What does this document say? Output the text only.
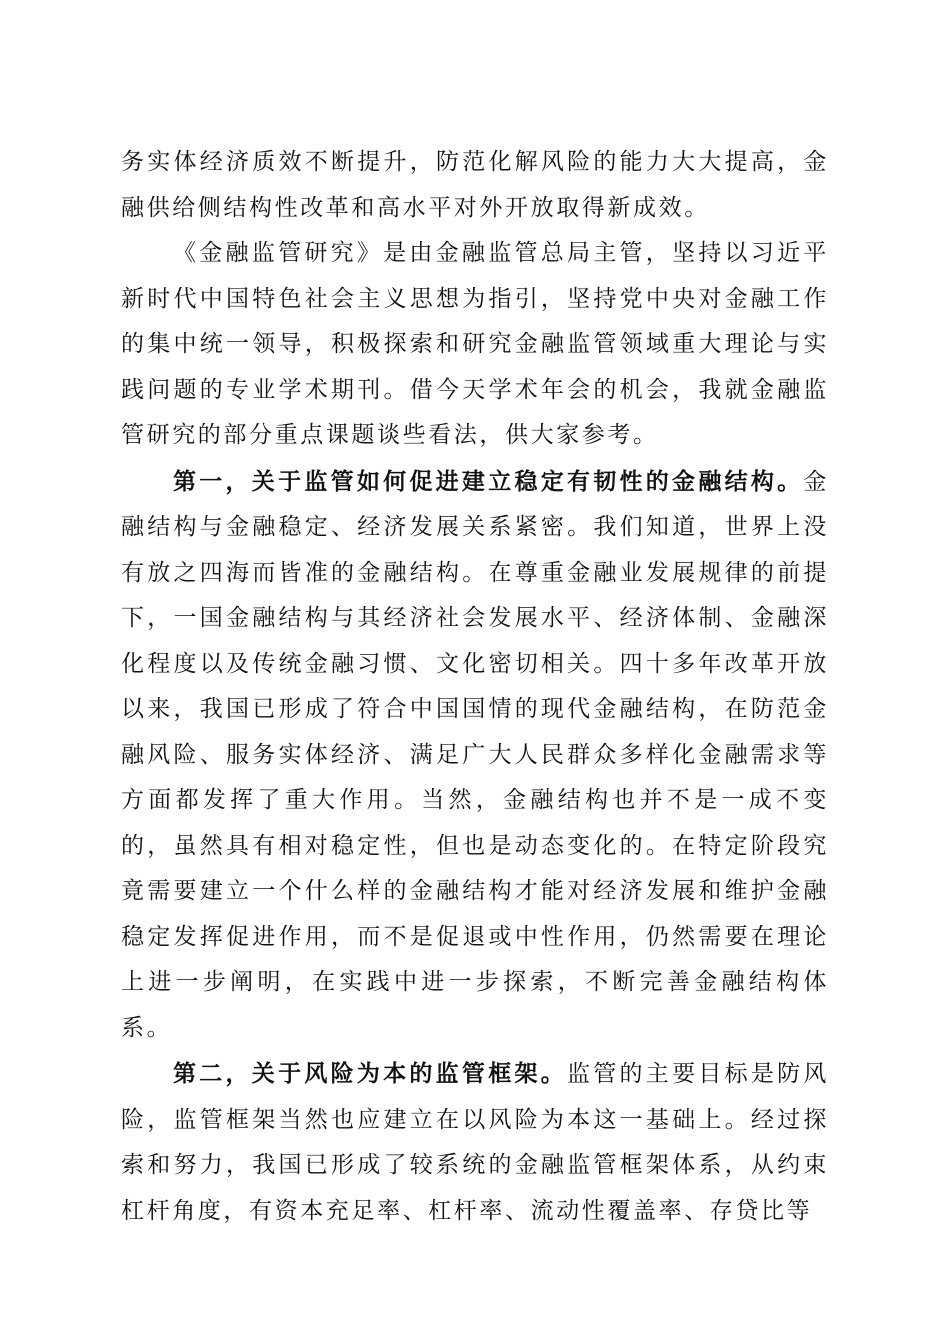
务实体经济质效不断提升，防范化解风险的能力大大提高，金融供给侧结构性改革和高水平对外开放取得新成效。

《金融监管研究》是由金融监管总局主管，坚持以习近平新时代中国特色社会主义思想为指引，坚持党中央对金融工作的集中统一领导，积极探索和研究金融监管领域重大理论与实践问题的专业学术期刊。借今天学术年会的机会，我就金融监管研究的部分重点课题谈些看法，供大家参考。

第一，关于监管如何促进建立稳定有韧性的金融结构。金融结构与金融稳定、经济发展关系紧密。我们知道，世界上没有放之四海而皆准的金融结构。在尊重金融业发展规律的前提下，一国金融结构与其经济社会发展水平、经济体制、金融深化程度以及传统金融习惯、文化密切相关。四十多年改革开放以来，我国已形成了符合中国国情的现代金融结构，在防范金融风险、服务实体经济、满足广大人民群众多样化金融需求等方面都发挥了重大作用。当然，金融结构也并不是一成不变的，虽然具有相对稳定性，但也是动态变化的。在特定阶段究竟需要建立一个什么样的金融结构才能对经济发展和维护金融稳定发挥促进作用，而不是促退或中性作用，仍然需要在理论上进一步阐明，在实践中进一步探索，不断完善金融结构体系。

第二，关于风险为本的监管框架。监管的主要目标是防风险，监管框架当然也应建立在以风险为本这一基础上。经过探索和努力，我国已形成了较系统的金融监管框架体系，从约束杠杆角度，有资本充足率、杠杆率、流动性覆盖率、存贷比等
